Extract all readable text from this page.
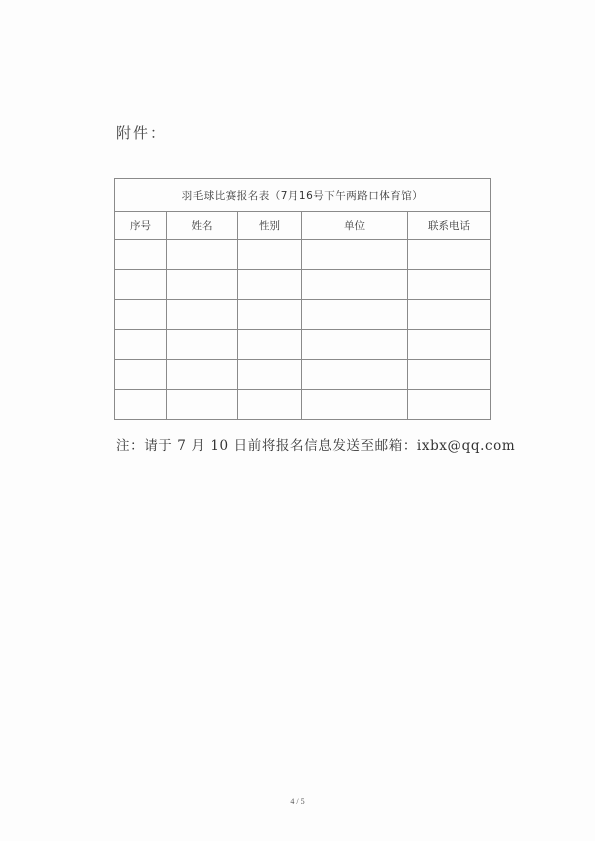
附件：
羽毛球比赛报名表（7月16号下午两路口体育馆）				
序号	姓名	性别	单位	联系电话

注：请于 7 月 10 日前将报名信息发送至邮箱：ixbx@qq.com
4 / 5
